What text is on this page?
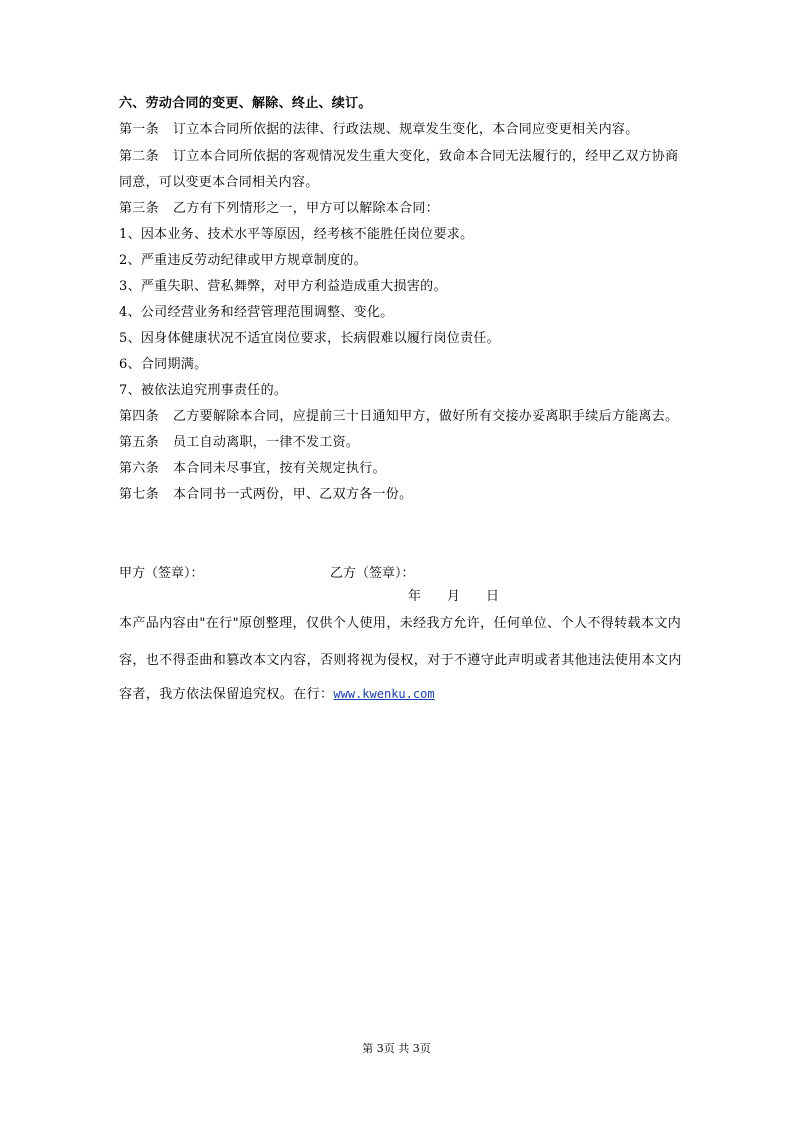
六、劳动合同的变更、解除、终止、续订。
第一条 订立本合同所依据的法律、行政法规、规章发生变化，本合同应变更相关内容。
第二条 订立本合同所依据的客观情况发生重大变化，致命本合同无法履行的，经甲乙双方协商
同意，可以变更本合同相关内容。
第三条 乙方有下列情形之一，甲方可以解除本合同：
1、因本业务、技术水平等原因，经考核不能胜任岗位要求。
2、严重违反劳动纪律或甲方规章制度的。
3、严重失职、营私舞弊，对甲方利益造成重大损害的。
4、公司经营业务和经营管理范围调整、变化。
5、因身体健康状况不适宜岗位要求，长病假难以履行岗位责任。
6、合同期满。
7、被依法追究刑事责任的。
第四条 乙方要解除本合同，应提前三十日通知甲方，做好所有交接办妥离职手续后方能离去。
第五条 员工自动离职，一律不发工资。
第六条 本合同未尽事宜，按有关规定执行。
第七条 本合同书一式两份，甲、乙双方各一份。
甲方（签章）：	乙方（签章）：
年 月 日
本产品内容由"在行"原创整理，仅供个人使用，未经我方允许，任何单位、个人不得转载本文内
容，也不得歪曲和篡改本文内容，否则将视为侵权，对于不遵守此声明或者其他违法使用本文内
容者，我方依法保留追究权。在行：www.kwenku.com
第 3页 共 3页
